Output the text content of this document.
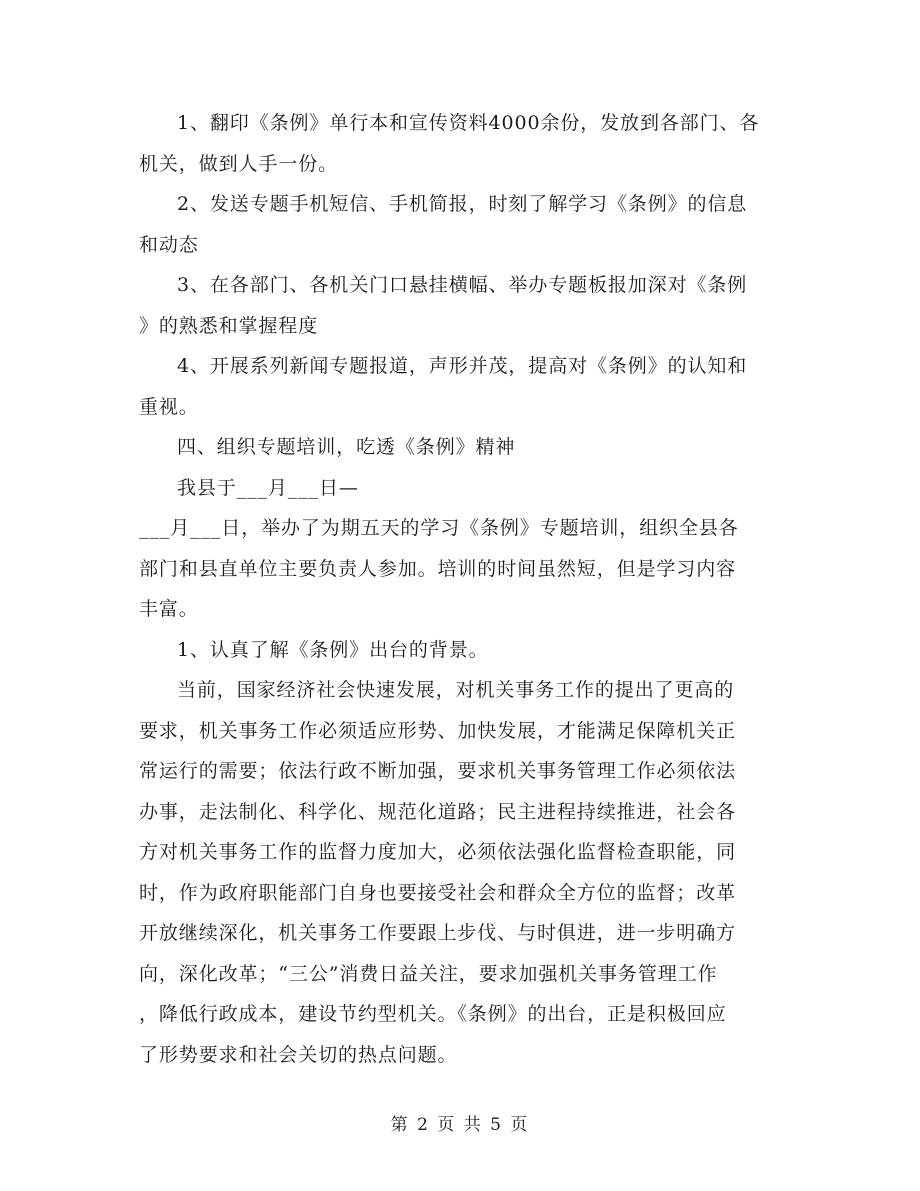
1、翻印《条例》单行本和宣传资料4000余份，发放到各部门、各
机关，做到人手一份。
2、发送专题手机短信、手机简报，时刻了解学习《条例》的信息
和动态
3、在各部门、各机关门口悬挂横幅、举办专题板报加深对《条例
》的熟悉和掌握程度
4、开展系列新闻专题报道，声形并茂，提高对《条例》的认知和
重视。
四、组织专题培训，吃透《条例》精神
我县于___月___日—
___月___日，举办了为期五天的学习《条例》专题培训，组织全县各
部门和县直单位主要负责人参加。培训的时间虽然短，但是学习内容
丰富。
1、认真了解《条例》出台的背景。
当前，国家经济社会快速发展，对机关事务工作的提出了更高的
要求，机关事务工作必须适应形势、加快发展，才能满足保障机关正
常运行的需要；依法行政不断加强，要求机关事务管理工作必须依法
办事，走法制化、科学化、规范化道路；民主进程持续推进，社会各
方对机关事务工作的监督力度加大，必须依法强化监督检查职能，同
时，作为政府职能部门自身也要接受社会和群众全方位的监督；改革
开放继续深化，机关事务工作要跟上步伐、与时俱进，进一步明确方
向，深化改革；“三公”消费日益关注，要求加强机关事务管理工作
，降低行政成本，建设节约型机关。《条例》的出台，正是积极回应
了形势要求和社会关切的热点问题。
第 2 页 共 5 页
